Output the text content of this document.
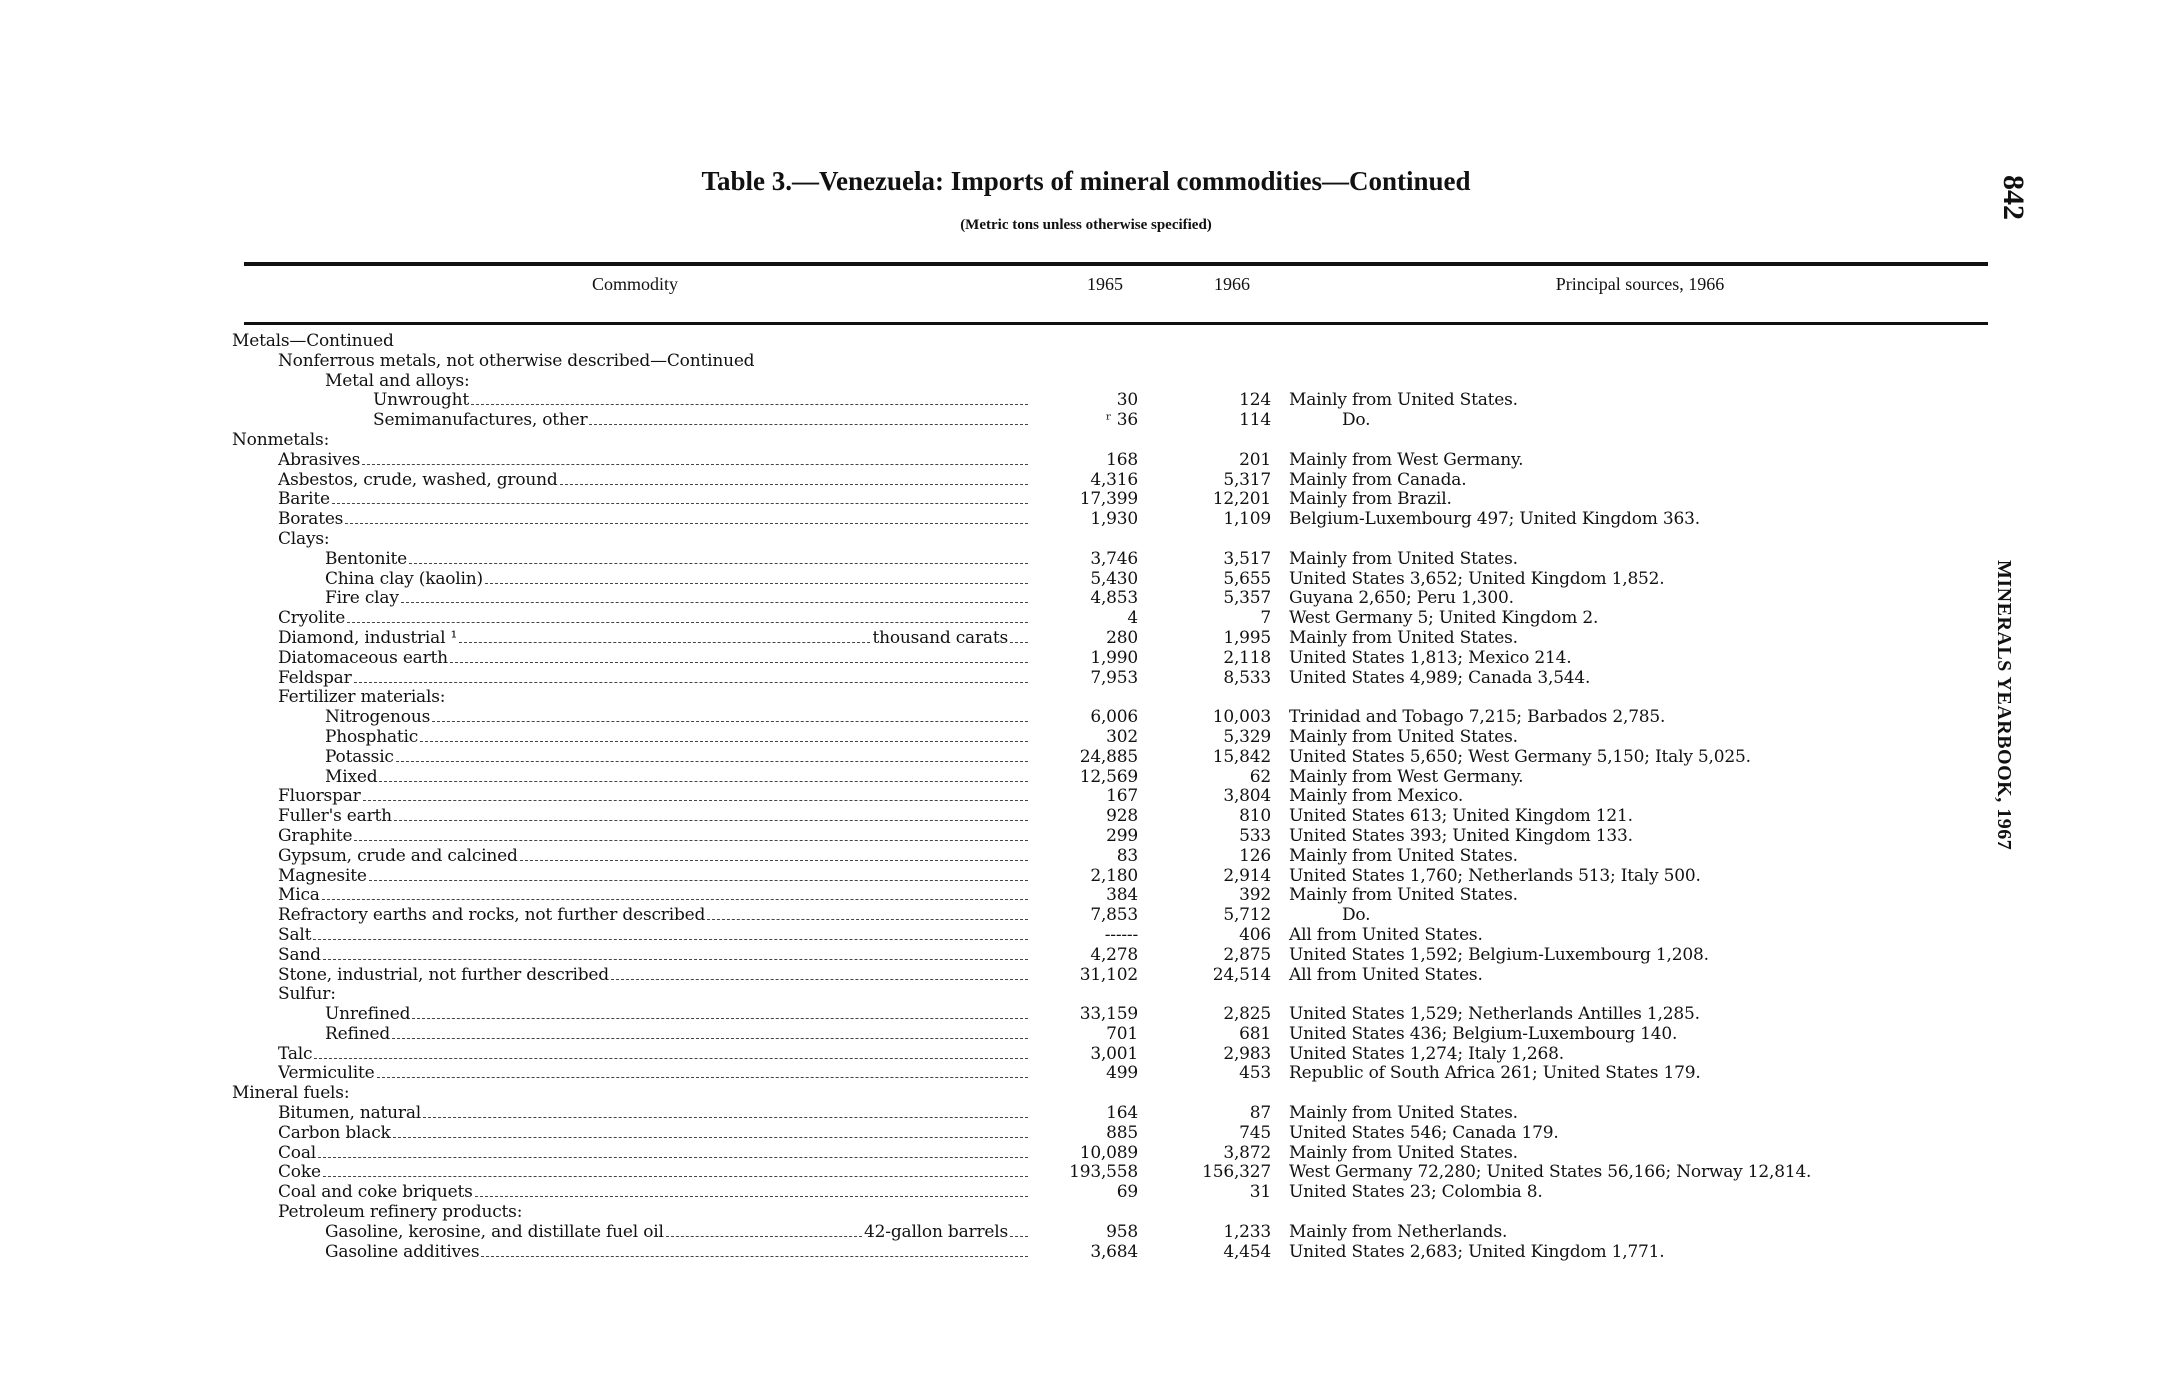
Table 3.—Venezuela: Imports of mineral commodities—Continued
(Metric tons unless otherwise specified)
Commodity	1965	1966	Principal sources, 1966
Metals—Continued
Nonferrous metals, not otherwise described—Continued
Metal and alloys:
Unwrought	30	124 Mainly from United States.
Semimanufactures, other	ʳ 36	114	Do.
Nonmetals:
Abrasives	168	201 Mainly from West Germany.
Asbestos, crude, washed, ground	4,316	5,317 Mainly from Canada.
Barite	17,399	12,201 Mainly from Brazil.
Borates	1,930	1,109 Belgium-Luxembourg 497; United Kingdom 363.
Clays:
Bentonite	3,746	3,517 Mainly from United States.
China clay (kaolin)	5,430	5,655 United States 3,652; United Kingdom 1,852.
Fire clay	4,853	5,357 Guyana 2,650; Peru 1,300.
Cryolite	4	7 West Germany 5; United Kingdom 2.
Diamond, industrial ¹	thousand carats	280	1,995 Mainly from United States.
Diatomaceous earth	1,990	2,118 United States 1,813; Mexico 214.
Feldspar	7,953	8,533 United States 4,989; Canada 3,544.
Fertilizer materials:
Nitrogenous	6,006	10,003 Trinidad and Tobago 7,215; Barbados 2,785.
Phosphatic	302	5,329 Mainly from United States.
Potassic	24,885	15,842 United States 5,650; West Germany 5,150; Italy 5,025.
Mixed	12,569	62 Mainly from West Germany.
Fluorspar	167	3,804 Mainly from Mexico.
Fuller's earth	928	810 United States 613; United Kingdom 121.
Graphite	299	533 United States 393; United Kingdom 133.
Gypsum, crude and calcined	83	126 Mainly from United States.
Magnesite	2,180	2,914 United States 1,760; Netherlands 513; Italy 500.
Mica	384	392 Mainly from United States.
Refractory earths and rocks, not further described	7,853	5,712	Do.
Salt	------	406 All from United States.
Sand	4,278	2,875 United States 1,592; Belgium-Luxembourg 1,208.
Stone, industrial, not further described	31,102	24,514 All from United States.
Sulfur:
Unrefined	33,159	2,825 United States 1,529; Netherlands Antilles 1,285.
Refined	701	681 United States 436; Belgium-Luxembourg 140.
Talc	3,001	2,983 United States 1,274; Italy 1,268.
Vermiculite	499	453 Republic of South Africa 261; United States 179.
Mineral fuels:
Bitumen, natural	164	87 Mainly from United States.
Carbon black	885	745 United States 546; Canada 179.
Coal	10,089	3,872 Mainly from United States.
Coke	193,558	156,327 West Germany 72,280; United States 56,166; Norway 12,814.
Coal and coke briquets	69	31 United States 23; Colombia 8.
Petroleum refinery products:
Gasoline, kerosine, and distillate fuel oil	42-gallon barrels	958	1,233 Mainly from Netherlands.
Gasoline additives	3,684	4,454 United States 2,683; United Kingdom 1,771.
842
MINERALS YEARBOOK, 1967
